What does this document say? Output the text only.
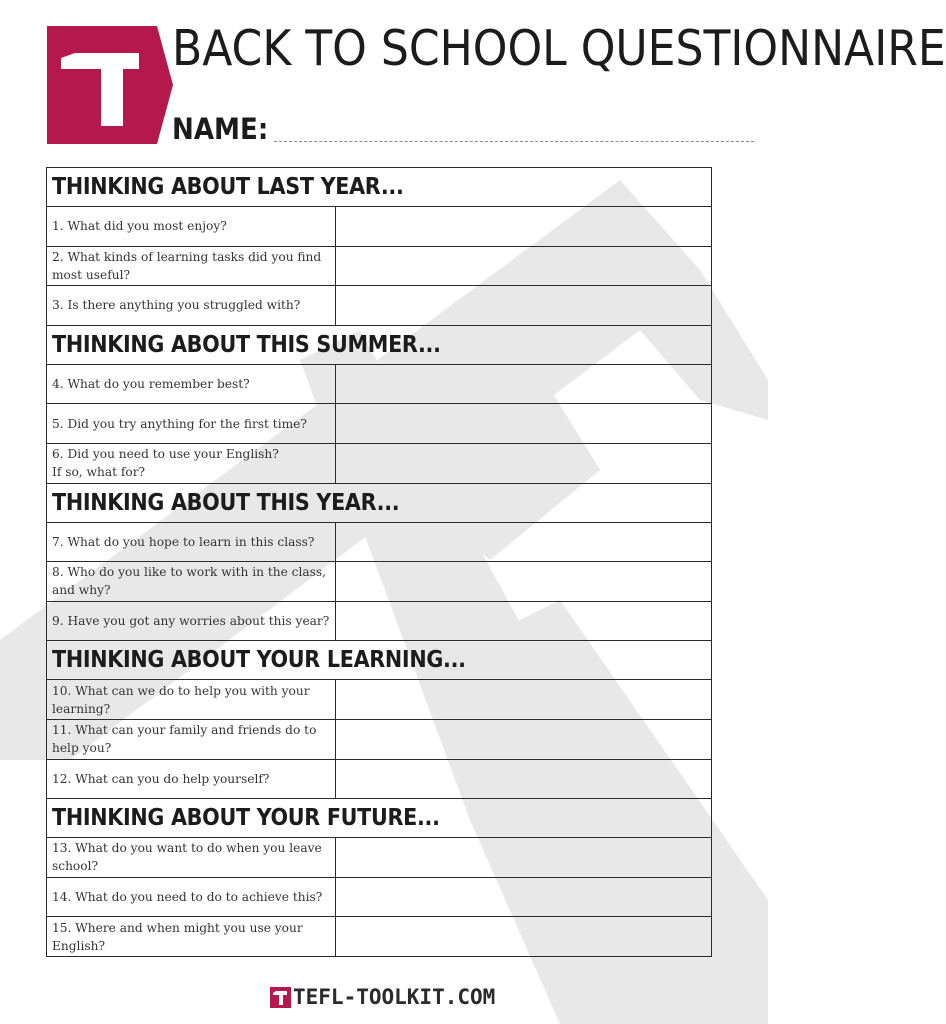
BACK TO SCHOOL QUESTIONNAIRE
NAME:
THINKING ABOUT LAST YEAR...	
1. What did you most enjoy?	
2. What kinds of learning tasks did you find most useful?	
3. Is there anything you struggled with?	
THINKING ABOUT THIS SUMMER...	
4. What do you remember best?	
5. Did you try anything for the first time?	
6. Did you need to use your English?
If so, what for?	
THINKING ABOUT THIS YEAR...	
7. What do you hope to learn in this class?	
8. Who do you like to work with in the class, and why?	
9. Have you got any worries about this year?	
THINKING ABOUT YOUR LEARNING...	
10. What can we do to help you with your learning?	
11. What can your family and friends do to help you?	
12. What can you do help yourself?	
THINKING ABOUT YOUR FUTURE...	
13. What do you want to do when you leave school?	
14. What do you need to do to achieve this?	
15. Where and when might you use your English?	
TEFL-TOOLKIT.COM
